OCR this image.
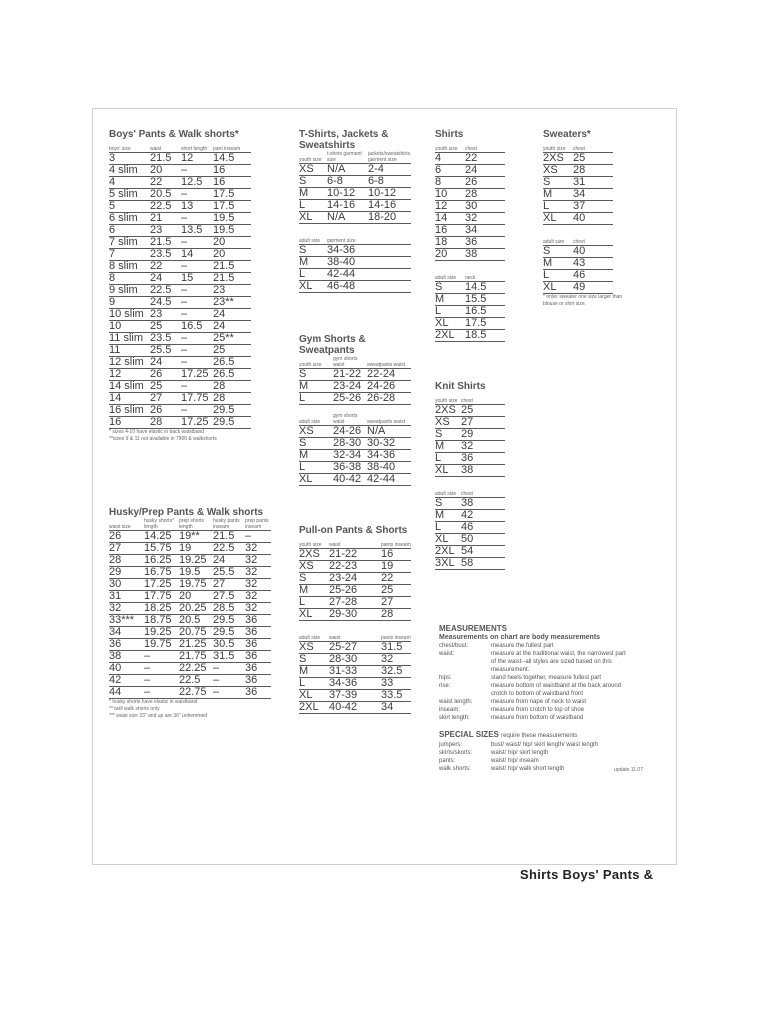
Boys' Pants & Walk shorts*

boys' size	waist	short length	pant inseam
3	21.5	12	14.5
4 slim	20	–	16
4	22	12.5	16
5 slim	20.5	–	17.5
5	22.5	13	17.5
6 slim	21	–	19.5
6	23	13.5	19.5
7 slim	21.5	–	20
7	23.5	14	20
8 slim	22	–	21.5
8	24	15	21.5
9 slim	22.5	–	23
9	24.5	–	23**
10 slim	23	–	24
10	25	16.5	24
11 slim	23.5	–	25**
11	25.5	–	25
12 slim	24	–	26.5
12	26	17.25	26.5
14 slim	25	–	28
14	27	17.75	28
16 slim	26	–	29.5
16	28	17.25	29.5

* sizes 4-10 have elastic in back waistband

**sizes 9 & 11 not available in 7900 & walkshorts

Husky/Prep Pants & Walk shorts

waist size	husky shorts* length	prep shorts length	husky pants inseam	prep pants inseam
26	14.25	19**	21.5	–
27	15.75	19	22.5	32
28	16.25	19.25	24	32
29	16.75	19.5	25.5	32
30	17.25	19.75	27	32
31	17.75	20	27.5	32
32	18.25	20.25	28.5	32
33***	18.75	20.5	29.5	36
34	19.25	20.75	29.5	36
36	19.75	21.25	30.5	36
38	–	21.75	31.5	36
40	–	22.25	–	36
42	–	22.5	–	36
44	–	22.75	–	36

* husky shorts have elastic in waistband

** twill walk shorts only

*** waist size 33" and up are 36" unhemmed

T-Shirts, Jackets & Sweatshirts

youth size	t-shirts garment size	jackets/sweatshirts garment size
XS	N/A	2-4
S	6-8	6-8
M	10-12	10-12
L	14-16	14-16
XL	N/A	18-20
adult size	garment size
S	34-36
M	38-40
L	42-44
XL	46-48

Gym Shorts & Sweatpants

youth size	gym shorts waist	sweatpants waist
S	21-22	22-24
M	23-24	24-26
L	25-26	26-28
adult size	gym shorts waist	sweatpants waist
XS	24-26	N/A
S	28-30	30-32
M	32-34	34-36
L	36-38	38-40
XL	40-42	42-44

Pull-on Pants & Shorts

youth size	waist	pants inseam
2XS	21-22	16
XS	22-23	19
S	23-24	22
M	25-26	25
L	27-28	27
XL	29-30	28
adult size	waist	pants inseam
XS	25-27	31.5
S	28-30	32
M	31-33	32.5
L	34-36	33
XL	37-39	33.5
2XL	40-42	34

Shirts

youth size	chest
4	22
6	24
8	26
10	28
12	30
14	32
16	34
18	36
20	38
adult size	neck
S	14.5
M	15.5
L	16.5
XL	17.5
2XL	18.5

Knit Shirts

youth size	chest
2XS	25
XS	27
S	29
M	32
L	36
XL	38
adult size	chest
S	38
M	42
L	46
XL	50
2XL	54
3XL	58

Sweaters*

youth size	chest
2XS	25
XS	28
S	31
M	34
L	37
XL	40
adult size	chest
S	40
M	43
L	46
XL	49

* order sweater one size larger than blouse or shirt size.

MEASUREMENTS

Measurements on chart are body measurements

chest/bust:	measure the fullest part
waist:	measure at the traditional waist, the narrowest part of the waist--all styles are sized based on this measurement.
hips:	stand heels together, measure fullest part
rise:	measure bottom of waistband at the back around crotch to bottom of waistband front
waist length:	measure from nape of neck to waist
inseam:	measure from crotch to top of shoe
skirt length:	measure from bottom of waistband

SPECIAL SIZES require these measurements

jumpers:	bust/ waist/ hip/ skirt length/ waist length
skirts/skorts:	waist/ hip/ skirt length
pants:	waist/ hip/ inseam
walk shorts:	waist/ hip/ walk short length	update 11.07
Shirts Boys' Pants &
